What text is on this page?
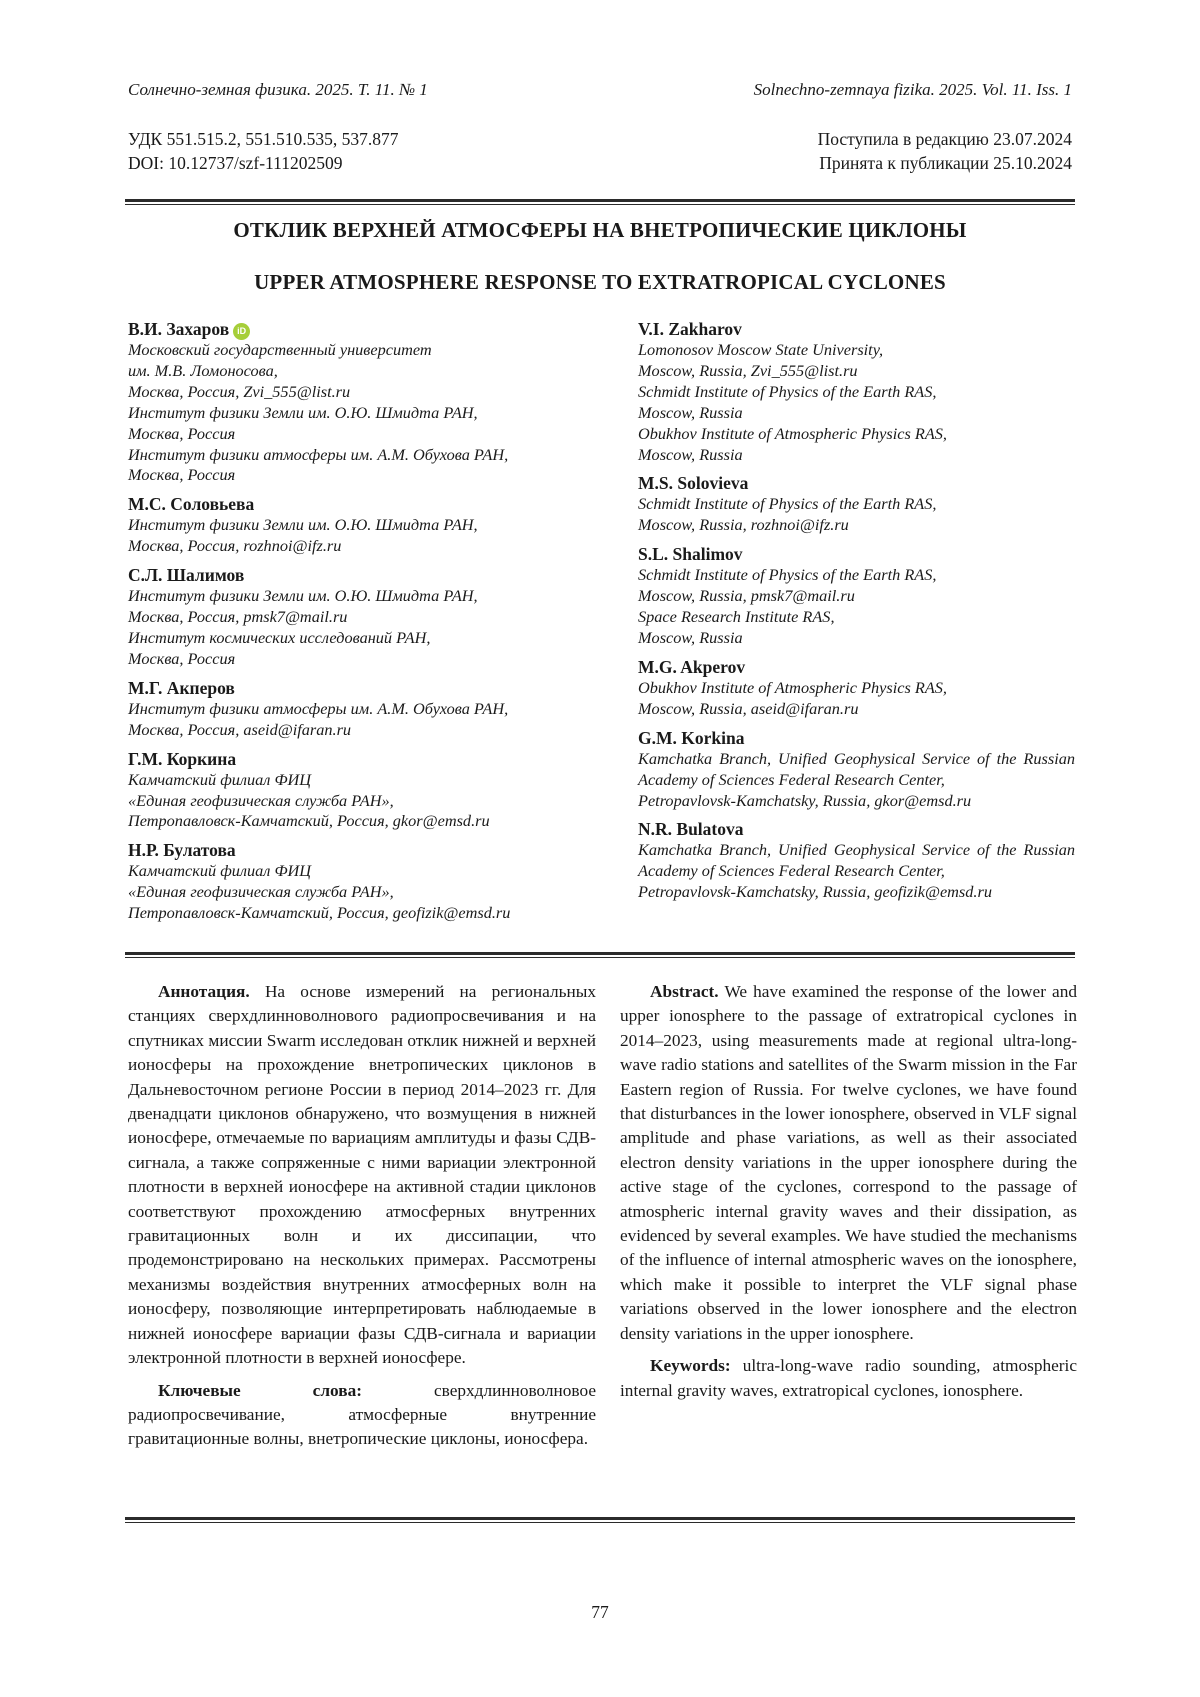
Солнечно-земная физика. 2025. Т. 11. № 1	Solnechno-zemnaya fizika. 2025. Vol. 11. Iss. 1
УДК 551.515.2, 551.510.535, 537.877
DOI: 10.12737/szf-111202509
Поступила в редакцию 23.07.2024
Принята к публикации 25.10.2024
ОТКЛИК ВЕРХНЕЙ АТМОСФЕРЫ НА ВНЕТРОПИЧЕСКИЕ ЦИКЛОНЫ
UPPER ATMOSPHERE RESPONSE TO EXTRATROPICAL CYCLONES
В.И. Захаров iD
Московский государственный университет
им. М.В. Ломоносова,
Москва, Россия, Zvi_555@list.ru
Институт физики Земли им. О.Ю. Шмидта РАН,
Москва, Россия
Институт физики атмосферы им. А.М. Обухова РАН,
Москва, Россия
М.С. Соловьева
Институт физики Земли им. О.Ю. Шмидта РАН,
Москва, Россия, rozhnoi@ifz.ru
С.Л. Шалимов
Институт физики Земли им. О.Ю. Шмидта РАН,
Москва, Россия, pmsk7@mail.ru
Институт космических исследований РАН,
Москва, Россия
М.Г. Акперов
Институт физики атмосферы им. А.М. Обухова РАН,
Москва, Россия, aseid@ifaran.ru
Г.М. Коркина
Камчатский филиал ФИЦ
«Единая геофизическая служба РАН»,
Петропавловск-Камчатский, Россия, gkor@emsd.ru
Н.Р. Булатова
Камчатский филиал ФИЦ
«Единая геофизическая служба РАН»,
Петропавловск-Камчатский, Россия, geofizik@emsd.ru
V.I. Zakharov
Lomonosov Moscow State University,
Moscow, Russia, Zvi_555@list.ru
Schmidt Institute of Physics of the Earth RAS,
Moscow, Russia
Obukhov Institute of Atmospheric Physics RAS,
Moscow, Russia
M.S. Solovieva
Schmidt Institute of Physics of the Earth RAS,
Moscow, Russia, rozhnoi@ifz.ru
S.L. Shalimov
Schmidt Institute of Physics of the Earth RAS,
Moscow, Russia, pmsk7@mail.ru
Space Research Institute RAS,
Moscow, Russia
M.G. Akperov
Obukhov Institute of Atmospheric Physics RAS,
Moscow, Russia, aseid@ifaran.ru
G.M. Korkina
Kamchatka Branch, Unified Geophysical Service of the Russian Academy of Sciences Federal Research Center,
Petropavlovsk-Kamchatsky, Russia, gkor@emsd.ru
N.R. Bulatova
Kamchatka Branch, Unified Geophysical Service of the Russian Academy of Sciences Federal Research Center,
Petropavlovsk-Kamchatsky, Russia, geofizik@emsd.ru

Аннотация. На основе измерений на региональных станциях сверхдлинноволнового радиопросвечивания и на спутниках миссии Swarm исследован отклик нижней и верхней ионосферы на прохождение внетропических циклонов в Дальневосточном регионе России в период 2014–2023 гг. Для двенадцати циклонов обнаружено, что возмущения в нижней ионосфере, отмечаемые по вариациям амплитуды и фазы СДВ-сигнала, а также сопряженные с ними вариации электронной плотности в верхней ионосфере на активной стадии циклонов соответствуют прохождению атмосферных внутренних гравитационных волн и их диссипации, что продемонстрировано на нескольких примерах. Рассмотрены механизмы воздействия внутренних атмосферных волн на ионосферу, позволяющие интерпретировать наблюдаемые в нижней ионосфере вариации фазы СДВ-сигнала и вариации электронной плотности в верхней ионосфере.

Ключевые слова:	сверхдлинноволновое радиопросвечивание, атмосферные внутренние гравитационные волны, внетропические циклоны, ионосфера.

Abstract. We have examined the response of the lower and upper ionosphere to the passage of extratropical cyclones in 2014–2023, using measurements made at regional ultra-long-wave radio stations and satellites of the Swarm mission in the Far Eastern region of Russia. For twelve cyclones, we have found that disturbances in the lower ionosphere, observed in VLF signal amplitude and phase variations, as well as their associated electron density variations in the upper ionosphere during the active stage of the cyclones, correspond to the passage of atmospheric internal gravity waves and their dissipation, as evidenced by several examples. We have studied the mechanisms of the influence of internal atmospheric waves on the ionosphere, which make it possible to interpret the VLF signal phase variations observed in the lower ionosphere and the electron density variations in the upper ionosphere.

Keywords: ultra-long-wave radio sounding, atmospheric internal gravity waves, extratropical cyclones, ionosphere.

77
